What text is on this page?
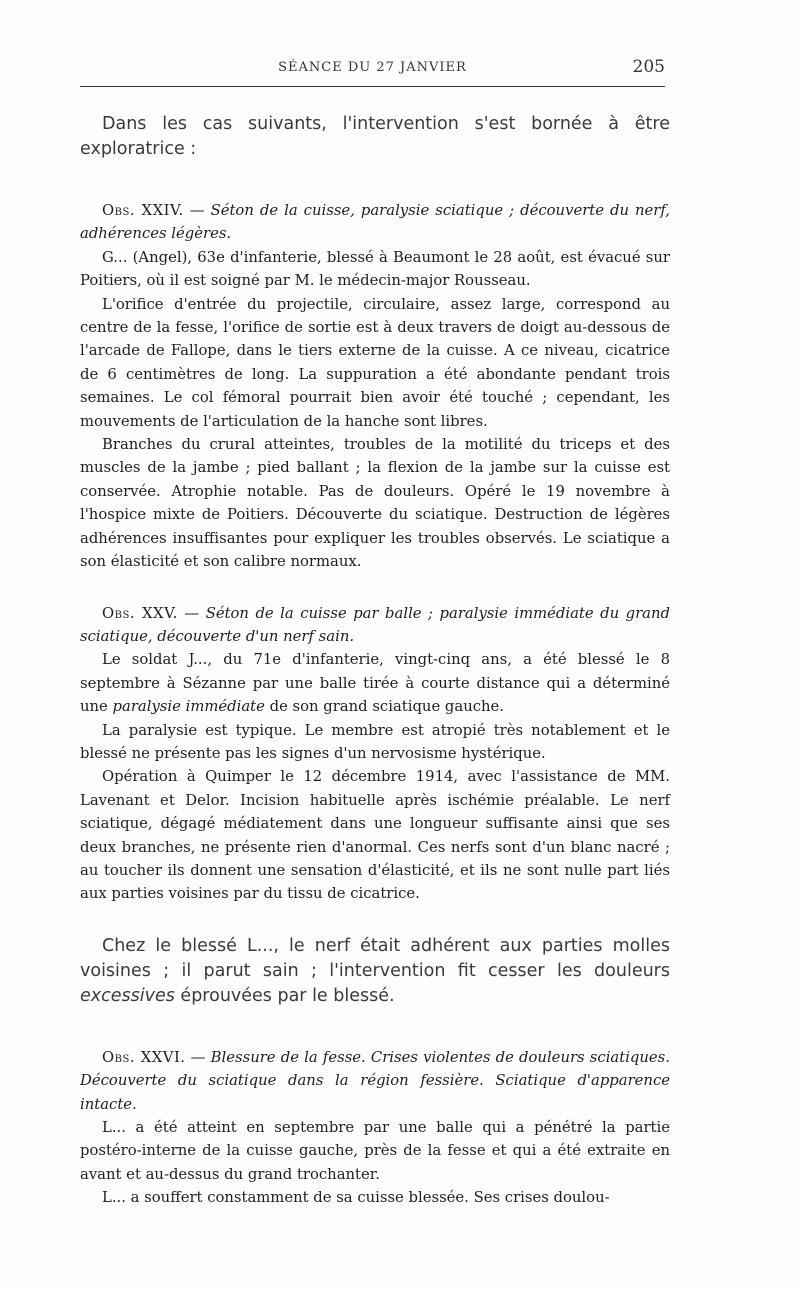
SÉANCE DU 27 JANVIER	205

Dans les cas suivants, l'intervention s'est bornée à être exploratrice :

Obs. XXIV. — Séton de la cuisse, paralysie sciatique ; découverte du nerf, adhérences légères.

G... (Angel), 63e d'infanterie, blessé à Beaumont le 28 août, est évacué sur Poitiers, où il est soigné par M. le médecin-major Rousseau.

L'orifice d'entrée du projectile, circulaire, assez large, correspond au centre de la fesse, l'orifice de sortie est à deux travers de doigt au-dessous de l'arcade de Fallope, dans le tiers externe de la cuisse. A ce niveau, cicatrice de 6 centimètres de long. La suppuration a été abondante pendant trois semaines. Le col fémoral pourrait bien avoir été touché ; cependant, les mouvements de l'articulation de la hanche sont libres.

Branches du crural atteintes, troubles de la motilité du triceps et des muscles de la jambe ; pied ballant ; la flexion de la jambe sur la cuisse est conservée. Atrophie notable. Pas de douleurs. Opéré le 19 novembre à l'hospice mixte de Poitiers. Découverte du sciatique. Destruction de légères adhérences insuffisantes pour expliquer les troubles observés. Le sciatique a son élasticité et son calibre normaux.

Obs. XXV. — Séton de la cuisse par balle ; paralysie immédiate du grand sciatique, découverte d'un nerf sain.

Le soldat J..., du 71e d'infanterie, vingt-cinq ans, a été blessé le 8 septembre à Sézanne par une balle tirée à courte distance qui a déterminé une paralysie immédiate de son grand sciatique gauche.

La paralysie est typique. Le membre est atropié très notablement et le blessé ne présente pas les signes d'un nervosisme hystérique.

Opération à Quimper le 12 décembre 1914, avec l'assistance de MM. Lavenant et Delor. Incision habituelle après ischémie préalable. Le nerf sciatique, dégagé médiatement dans une longueur suffisante ainsi que ses deux branches, ne présente rien d'anormal. Ces nerfs sont d'un blanc nacré ; au toucher ils donnent une sensation d'élasticité, et ils ne sont nulle part liés aux parties voisines par du tissu de cicatrice.

Chez le blessé L..., le nerf était adhérent aux parties molles voisines ; il parut sain ; l'intervention fit cesser les douleurs excessives éprouvées par le blessé.

Obs. XXVI. — Blessure de la fesse. Crises violentes de douleurs sciatiques. Découverte du sciatique dans la région fessière. Sciatique d'apparence intacte.

L... a été atteint en septembre par une balle qui a pénétré la partie postéro-interne de la cuisse gauche, près de la fesse et qui a été extraite en avant et au-dessus du grand trochanter.

L... a souffert constamment de sa cuisse blessée. Ses crises doulou-
